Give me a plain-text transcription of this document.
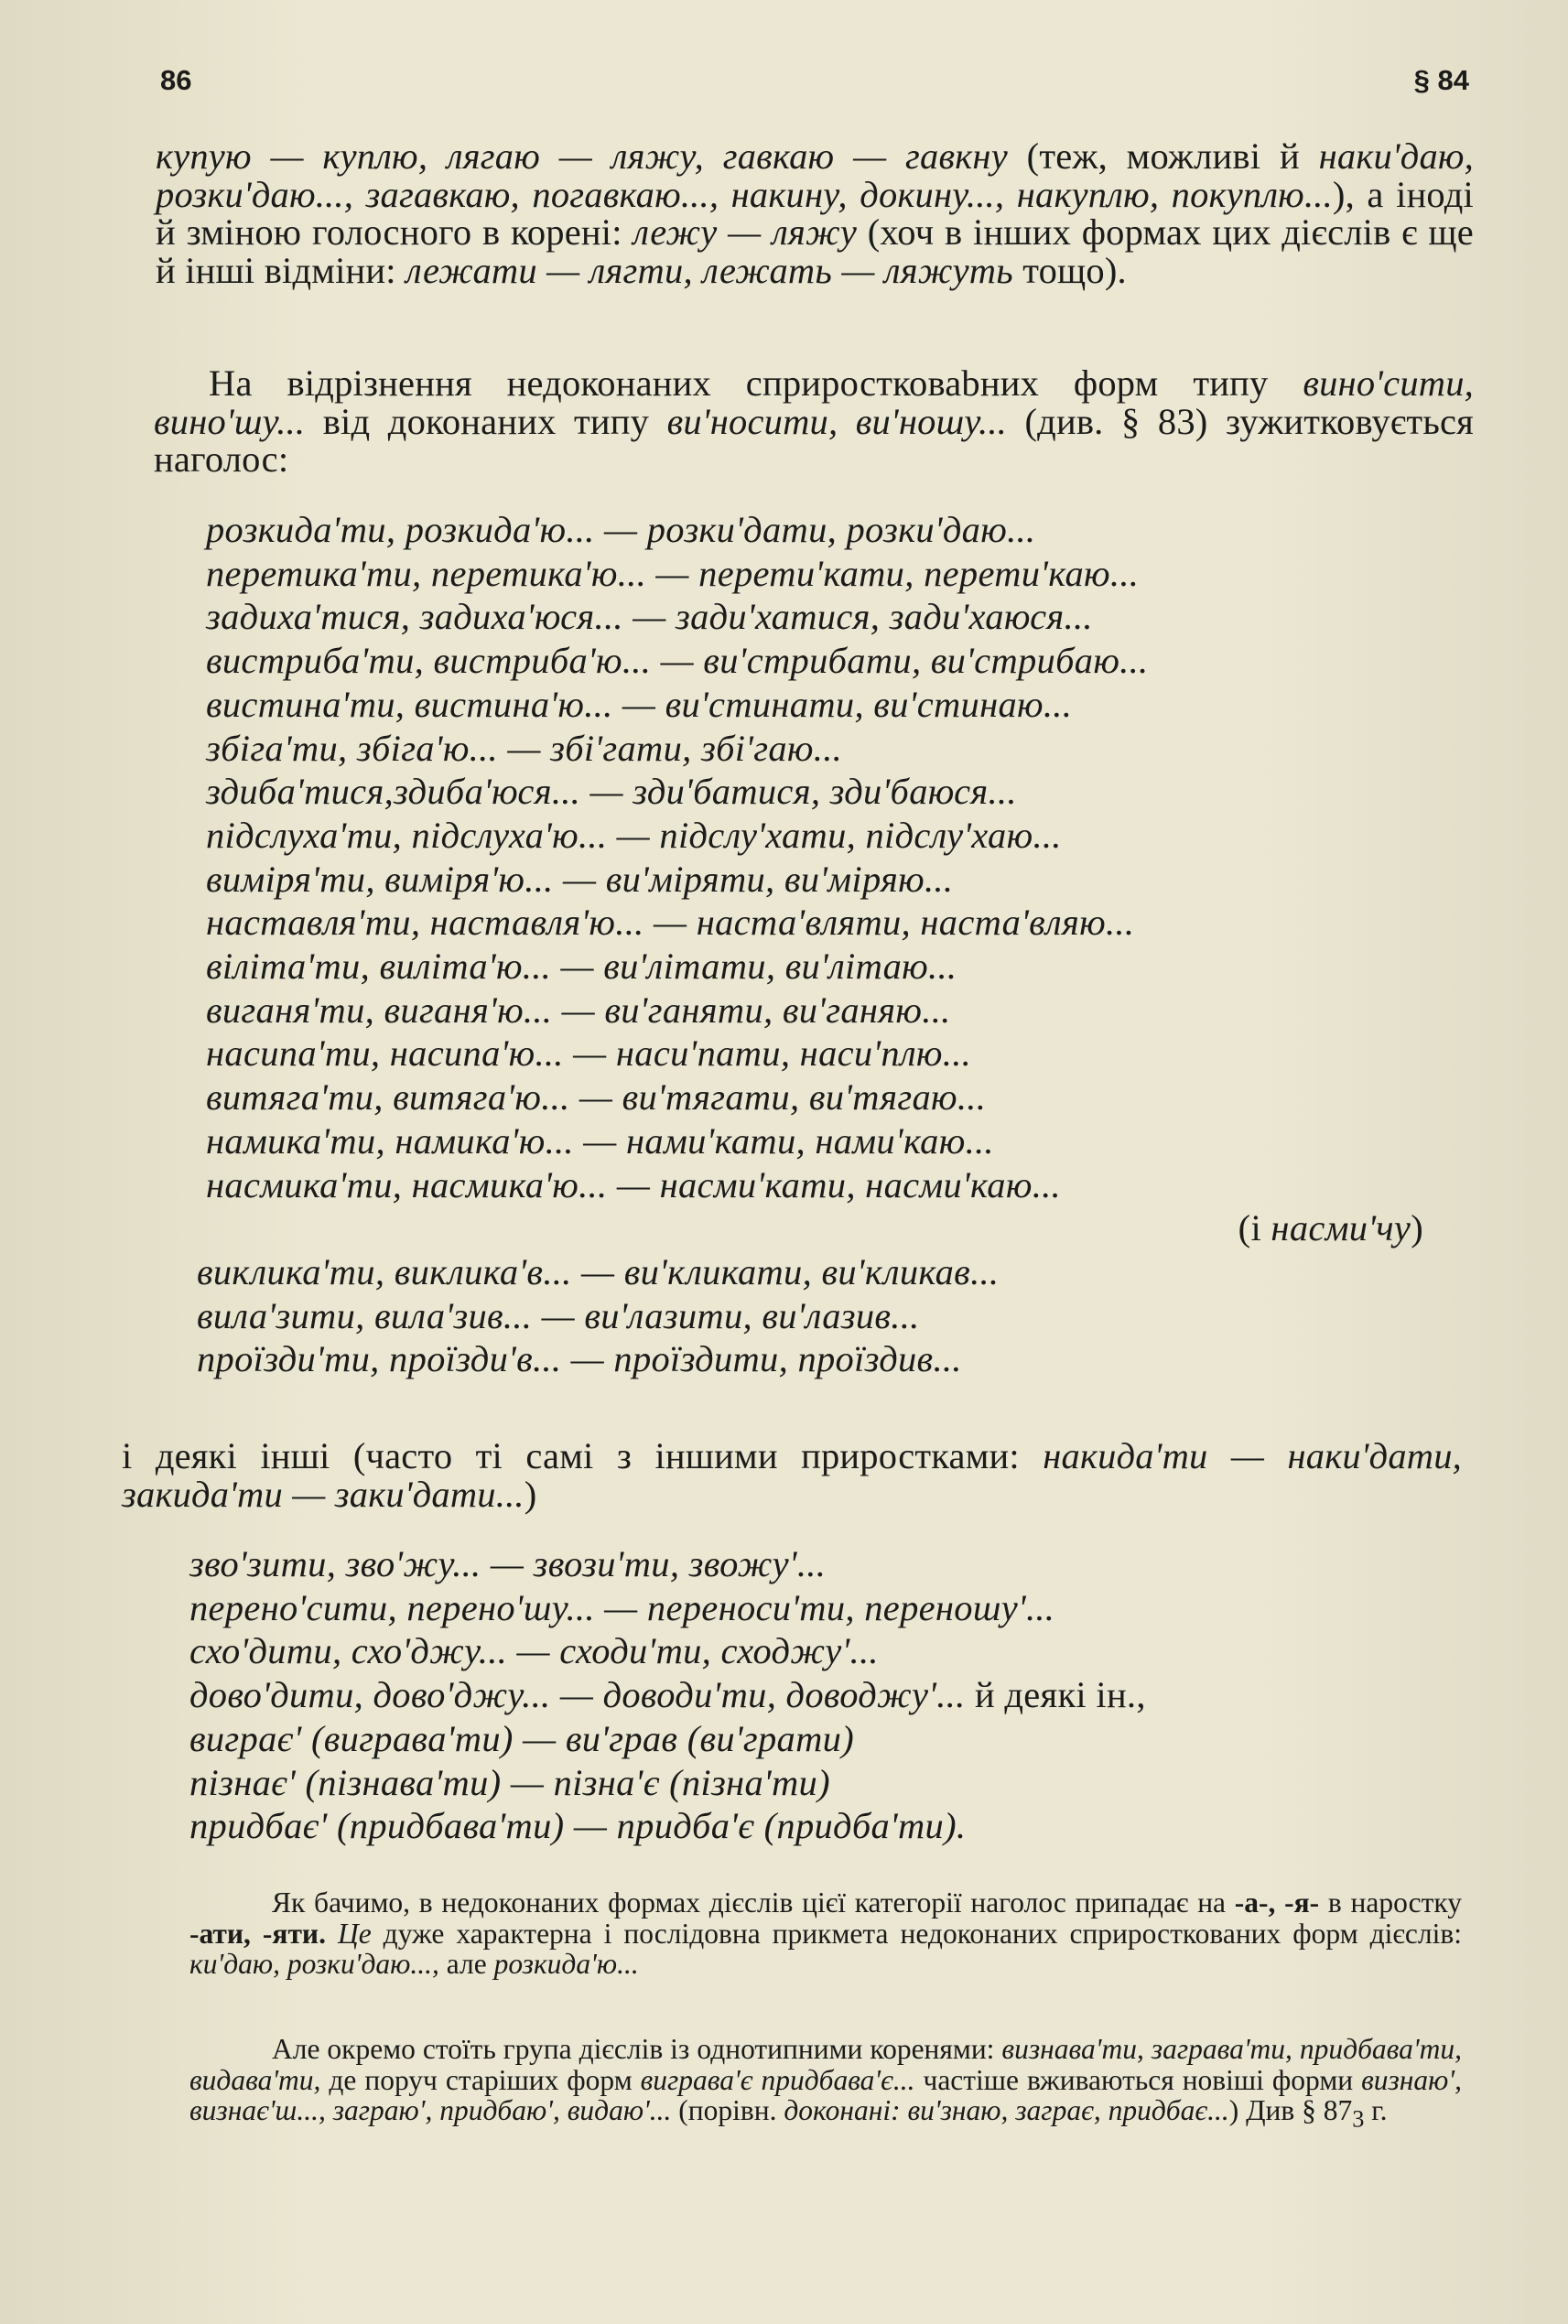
86	§ 84
купую — куплю, лягаю — ляжу, гавкаю — гавкну (теж, можливі й наки'даю, розки'даю..., загавкаю, погавкаю..., накину, докину..., накуплю, покуплю...), а іноді й зміною голосного в корені: лежу — ляжу (хоч в інших формах цих дієслів є ще й інші відміни: лежати — лягти, лежать — ляжуть тощо).
На відрізнення недоконаних сприростковаbних форм типу вино'сити, вино'шу... від доконаних типу ви'носити, ви'ношу... (див. § 83) зужитковується наголос:
розкида'ти, розкида'ю... — розки'дати, розки'даю...
перетика'ти, перетика'ю... — перети'кати, перети'каю...
задиха'тися, задиха'юся... — зади'хатися, зади'хаюся...
вистриба'ти, вистриба'ю... — ви'стрибати, ви'стрибаю...
вистина'ти, вистина'ю... — ви'стинати, ви'стинаю...
збіга'ти, збіга'ю... — збі'гати, збі'гаю...
здиба'тися,здиба'юся... — зди'батися, зди'баюся...
підслуха'ти, підслуха'ю... — підслу'хати, підслу'хаю...
виміря'ти, виміря'ю... — ви'міряти, ви'міряю...
наставля'ти, наставля'ю... — наста'вляти, наста'вляю...
віліта'ти, виліта'ю... — ви'літати, ви'літаю...
виганя'ти, виганя'ю... — ви'ганяти, ви'ганяю...
насипа'ти, насипа'ю... — наси'пати, наси'плю...
витяга'ти, витяга'ю... — ви'тягати, ви'тягаю...
намика'ти, намика'ю... — нами'кати, нами'каю...
насмика'ти, насмика'ю... — насми'кати, насми'каю...
(і насми'чу)
виклика'ти, виклика'в... — ви'кликати, ви'кликав...
вила'зити, вила'зив... — ви'лазити, ви'лазив...
проїзди'ти, проїзди'в... — проїздити, проїздив...
і деякі інші (часто ті самі з іншими приростками: накида'ти — наки'дати, закида'ти — заки'дати...)
зво'зити, зво'жу... — звози'ти, звожу'...
перено'сити, перено'шу... — переноси'ти, переношу'...
схо'дити, схо'джу... — сходи'ти, сходжу'...
дово'дити, дово'джу... — доводи'ти, доводжу'... й деякі ін.,
виграє' (вигравa'ти) — ви'грав (ви'грати)
пізнає' (пізнава'ти) — пізна'є (пізна'ти)
придбає' (придбава'ти) — придба'є (придба'ти).
Як бачимо, в недоконаних формах дієслів цієї категорії наголос припадає на -а-, -я- в наростку -ати, -яти. Це дуже характерна і послідовна прикмета недоконаних сприросткованих форм дієслів: ки'даю, розки'даю..., але розкида'ю...
Але окремо стоїть група дієслів із однотипними коренями: визнава'ти, заграва'ти, придбава'ти, видава'ти, де поруч старіших форм виграва'є придбава'є... частіше вживаються новіші форми визнаю', визнає'ш..., заграю', придбаю', видаю'... (порівн. доконані: ви'знаю, заграє, придбає...) Див § $87_3$ г.
